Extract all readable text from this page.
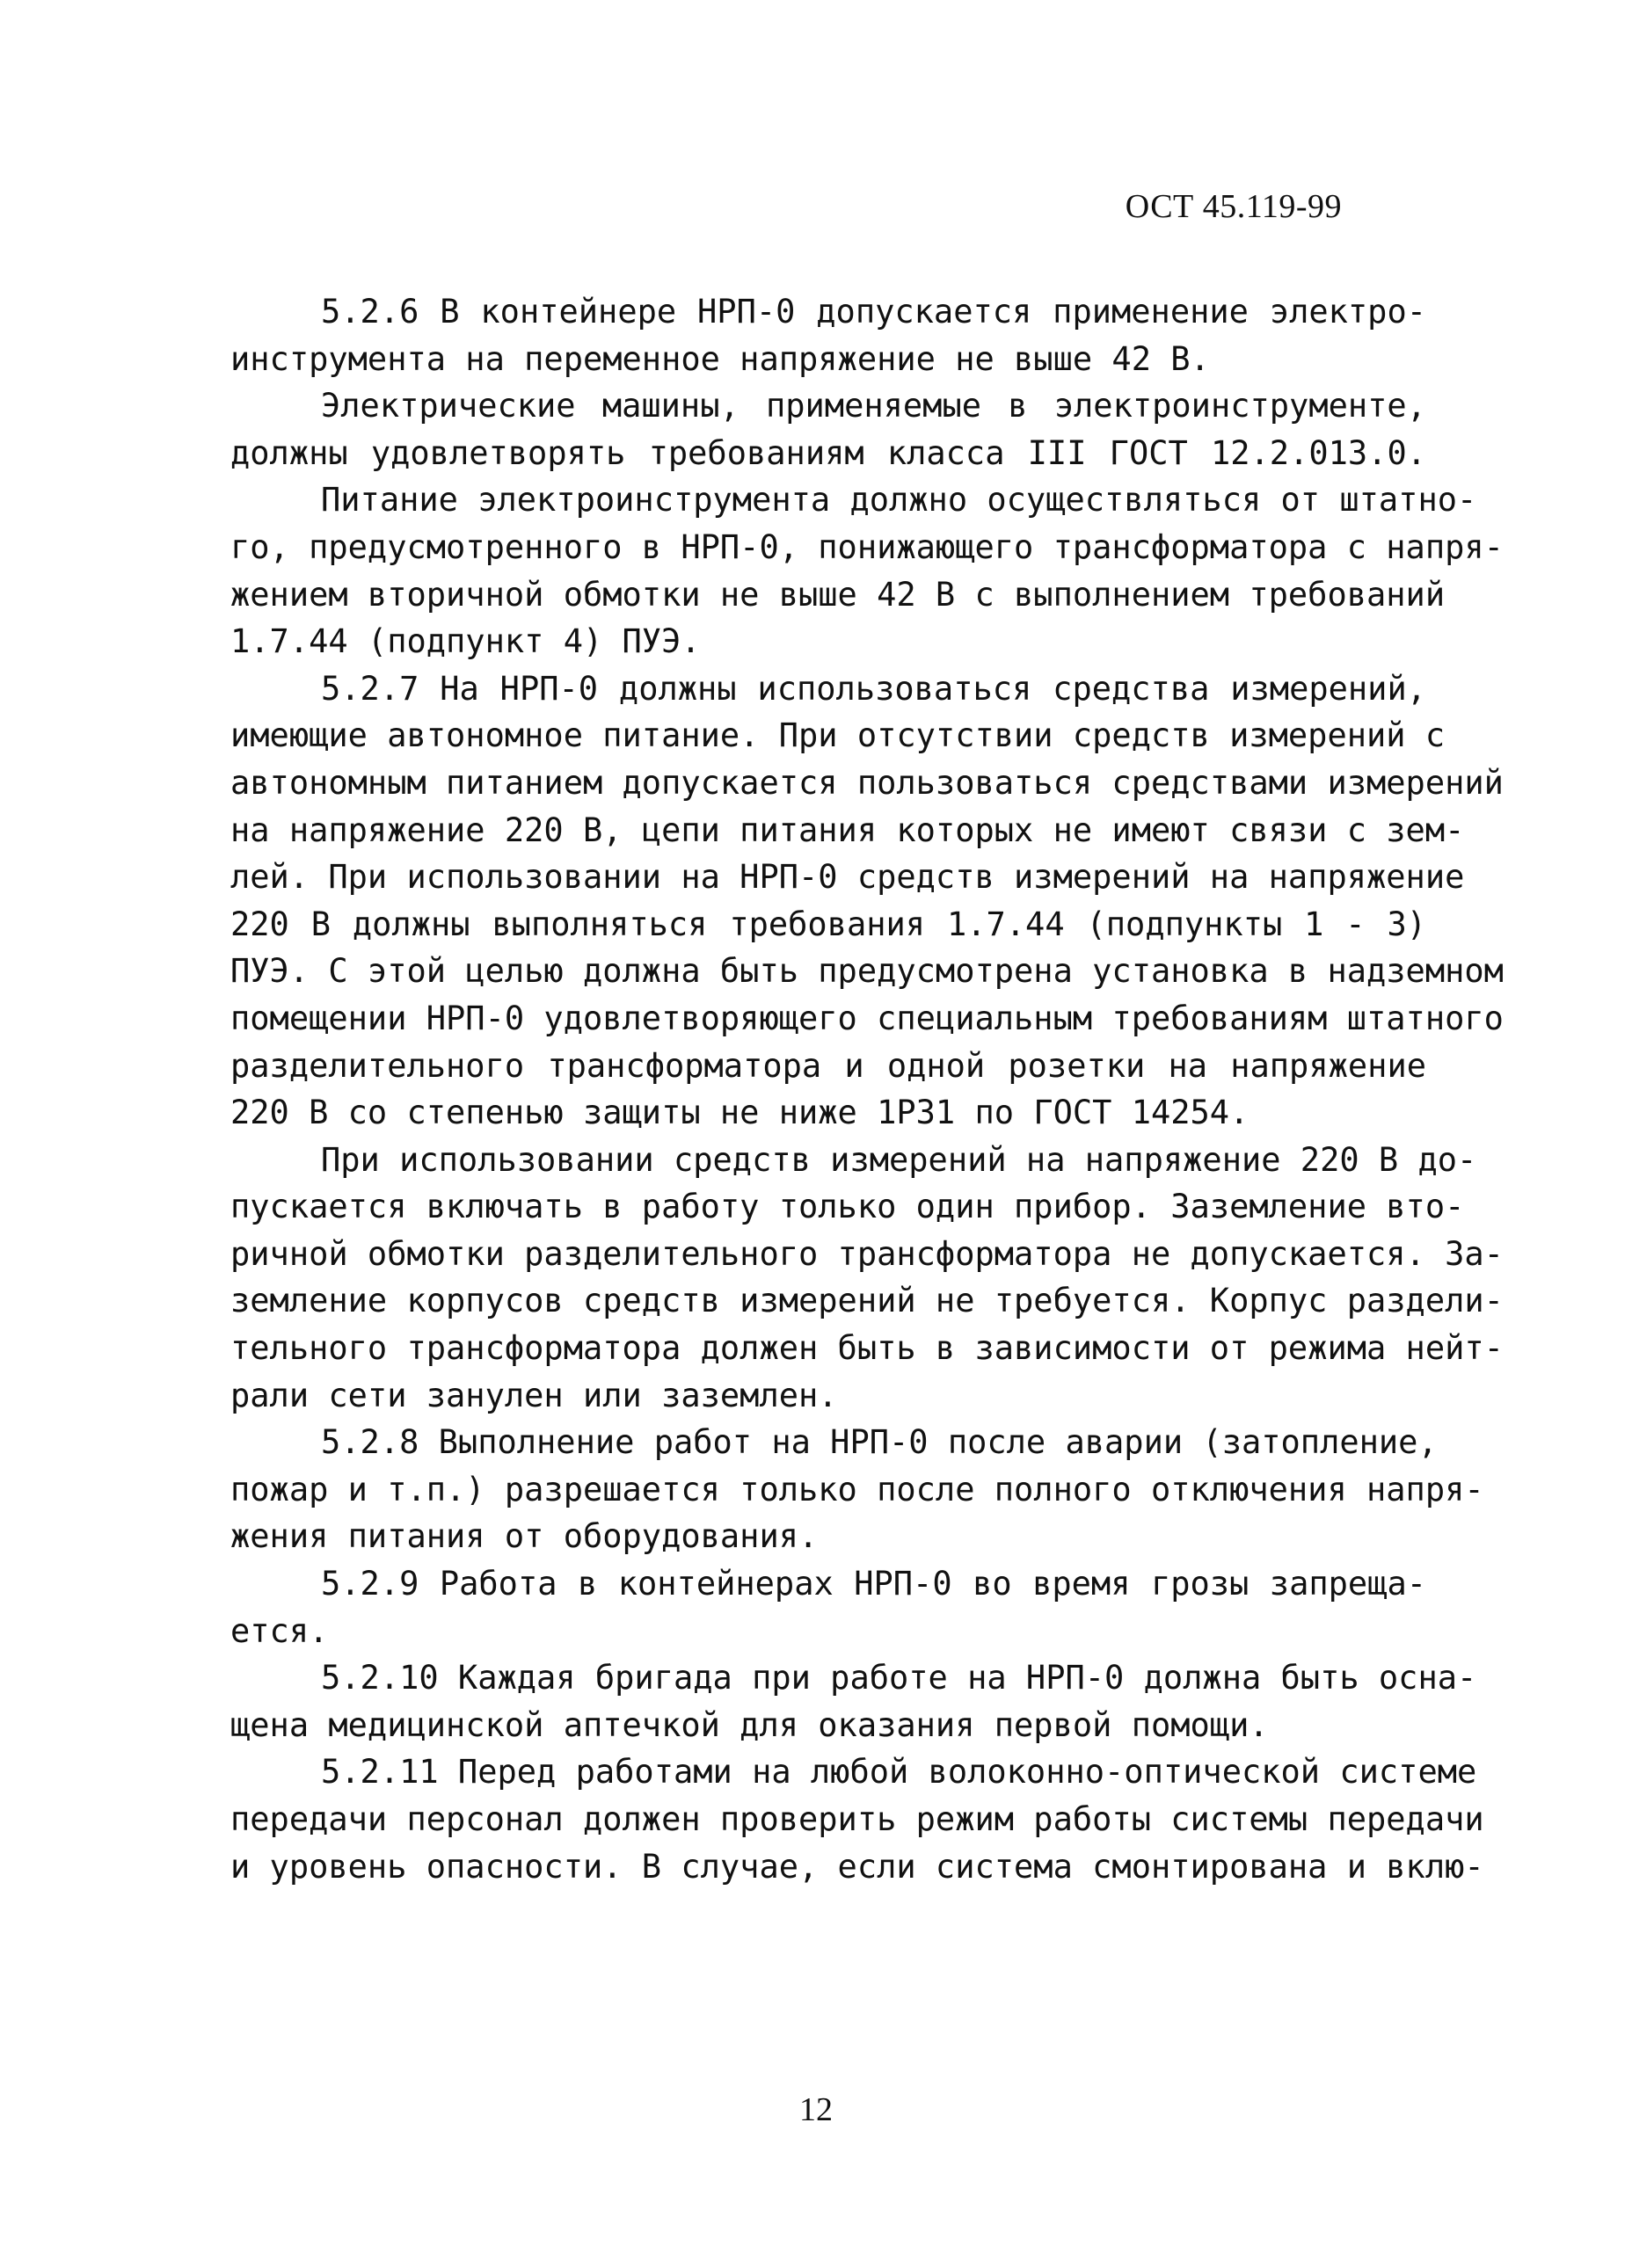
ОСТ 45.119-99
5.2.6 В контейнере НРП-0 допускается применение электро-
инструмента на переменное напряжение не выше 42 В.
Электрические машины, применяемые в электроинструменте,
должны удовлетворять требованиям класса III ГОСТ 12.2.013.0.
Питание электроинструмента должно осуществляться от штатно-
го, предусмотренного в НРП-0, понижающего трансформатора с напря-
жением вторичной обмотки не выше 42 В с выполнением требований
1.7.44 (подпункт 4) ПУЭ.
5.2.7 На НРП-0 должны использоваться средства измерений,
имеющие автономное питание. При отсутствии средств измерений с
автономным питанием допускается пользоваться средствами измерений
на напряжение 220 В, цепи питания которых не имеют связи с зем-
лей. При использовании на НРП-0 средств измерений на напряжение
220 В должны выполняться требования 1.7.44 (подпункты 1 - 3)
ПУЭ. С этой целью должна быть предусмотрена установка в надземном
помещении НРП-0 удовлетворяющего специальным требованиям штатного
разделительного трансформатора и одной розетки на напряжение
220 В со степенью защиты не ниже 1Р31 по ГОСТ 14254.
При использовании средств измерений на напряжение 220 В до-
пускается включать в работу только один прибор. Заземление вто-
ричной обмотки разделительного трансформатора не допускается. За-
земление корпусов средств измерений не требуется. Корпус раздели-
тельного трансформатора должен быть в зависимости от режима нейт-
рали сети занулен или заземлен.
5.2.8 Выполнение работ на НРП-0 после аварии (затопление,
пожар и т.п.) разрешается только после полного отключения напря-
жения питания от оборудования.
5.2.9 Работа в контейнерах НРП-0 во время грозы запреща-
ется.
5.2.10 Каждая бригада при работе на НРП-0 должна быть осна-
щена медицинской аптечкой для оказания первой помощи.
5.2.11 Перед работами на любой волоконно-оптической системе
передачи персонал должен проверить режим работы системы передачи
и уровень опасности. В случае, если система смонтирована и вклю-
12
